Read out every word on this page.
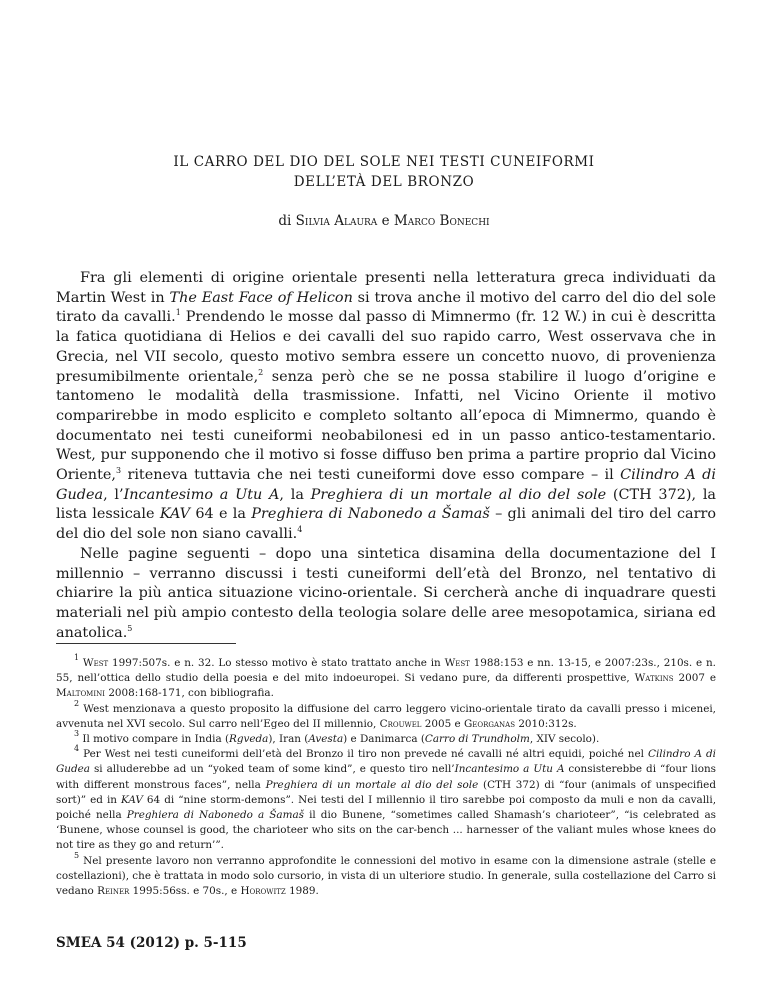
IL CARRO DEL DIO DEL SOLE NEI TESTI CUNEIFORMI
DELL’ETÀ DEL BRONZO
di Silvia Alaura e Marco Bonechi

Fra gli elementi di origine orientale presenti nella letteratura greca individuati da Martin West in The East Face of Helicon si trova anche il motivo del carro del dio del sole tirato da cavalli.$^1$ Prendendo le mosse dal passo di Mimnermo (fr. 12 W.) in cui è descritta la fatica quotidiana di Helios e dei cavalli del suo rapido carro, West osservava che in Grecia, nel VII secolo, questo motivo sembra essere un concetto nuovo, di provenienza presumibilmente orientale,$^2$ senza però che se ne possa stabilire il luogo d’origine e tantomeno le modalità della trasmissione. Infatti, nel Vicino Oriente il motivo comparirebbe in modo esplicito e completo soltanto all’epoca di Mimnermo, quando è documentato nei testi cuneiformi neobabilonesi ed in un passo antico-testamentario. West, pur supponendo che il motivo si fosse diffuso ben prima a partire proprio dal Vicino Oriente,$^3$ riteneva tuttavia che nei testi cuneiformi dove esso compare – il Cilindro A di Gudea, l’Incantesimo a Utu A, la Preghiera di un mortale al dio del sole (CTH 372), la lista lessicale KAV 64 e la Preghiera di Nabonedo a Šamaš – gli animali del tiro del carro del dio del sole non siano cavalli.$^4$

Nelle pagine seguenti – dopo una sintetica disamina della documentazione del I millennio – verranno discussi i testi cuneiformi dell’età del Bronzo, nel tentativo di chiarire la più antica situazione vicino-orientale. Si cercherà anche di inquadrare questi materiali nel più ampio contesto della teologia solare delle aree mesopotamica, siriana ed anatolica.$^5$

$^1$ West 1997:507s. e n. 32. Lo stesso motivo è stato trattato anche in West 1988:153 e nn. 13-15, e 2007:23s., 210s. e n. 55, nell’ottica dello studio della poesia e del mito indoeuropei. Si vedano pure, da differenti prospettive, Watkins 2007 e Maltomini 2008:168-171, con bibliografia.

$^2$ West menzionava a questo proposito la diffusione del carro leggero vicino-orientale tirato da cavalli presso i micenei, avvenuta nel XVI secolo. Sul carro nell’Egeo del II millennio, Crouwel 2005 e Georganas 2010:312s.

$^3$ Il motivo compare in India (Rgveda), Iran (Avesta) e Danimarca (Carro di Trundholm, XIV secolo).

$^4$ Per West nei testi cuneiformi dell’età del Bronzo il tiro non prevede né cavalli né altri equidi, poiché nel Cilindro A di Gudea si alluderebbe ad un “yoked team of some kind”, e questo tiro nell’Incantesimo a Utu A consisterebbe di “four lions with different monstrous faces”, nella Preghiera di un mortale al dio del sole (CTH 372) di “four (animals of unspecified sort)” ed in KAV 64 di “nine storm-demons”. Nei testi del I millennio il tiro sarebbe poi composto da muli e non da cavalli, poiché nella Preghiera di Nabonedo a Šamaš il dio Bunene, “sometimes called Shamash’s charioteer”, “is celebrated as ‘Bunene, whose counsel is good, the charioteer who sits on the car-bench ... harnesser of the valiant mules whose knees do not tire as they go and return’”.

$^5$ Nel presente lavoro non verranno approfondite le connessioni del motivo in esame con la dimensione astrale (stelle e costellazioni), che è trattata in modo solo cursorio, in vista di un ulteriore studio. In generale, sulla costellazione del Carro si vedano Reiner 1995:56ss. e 70s., e Horowitz 1989.

SMEA 54 (2012) p. 5-115
